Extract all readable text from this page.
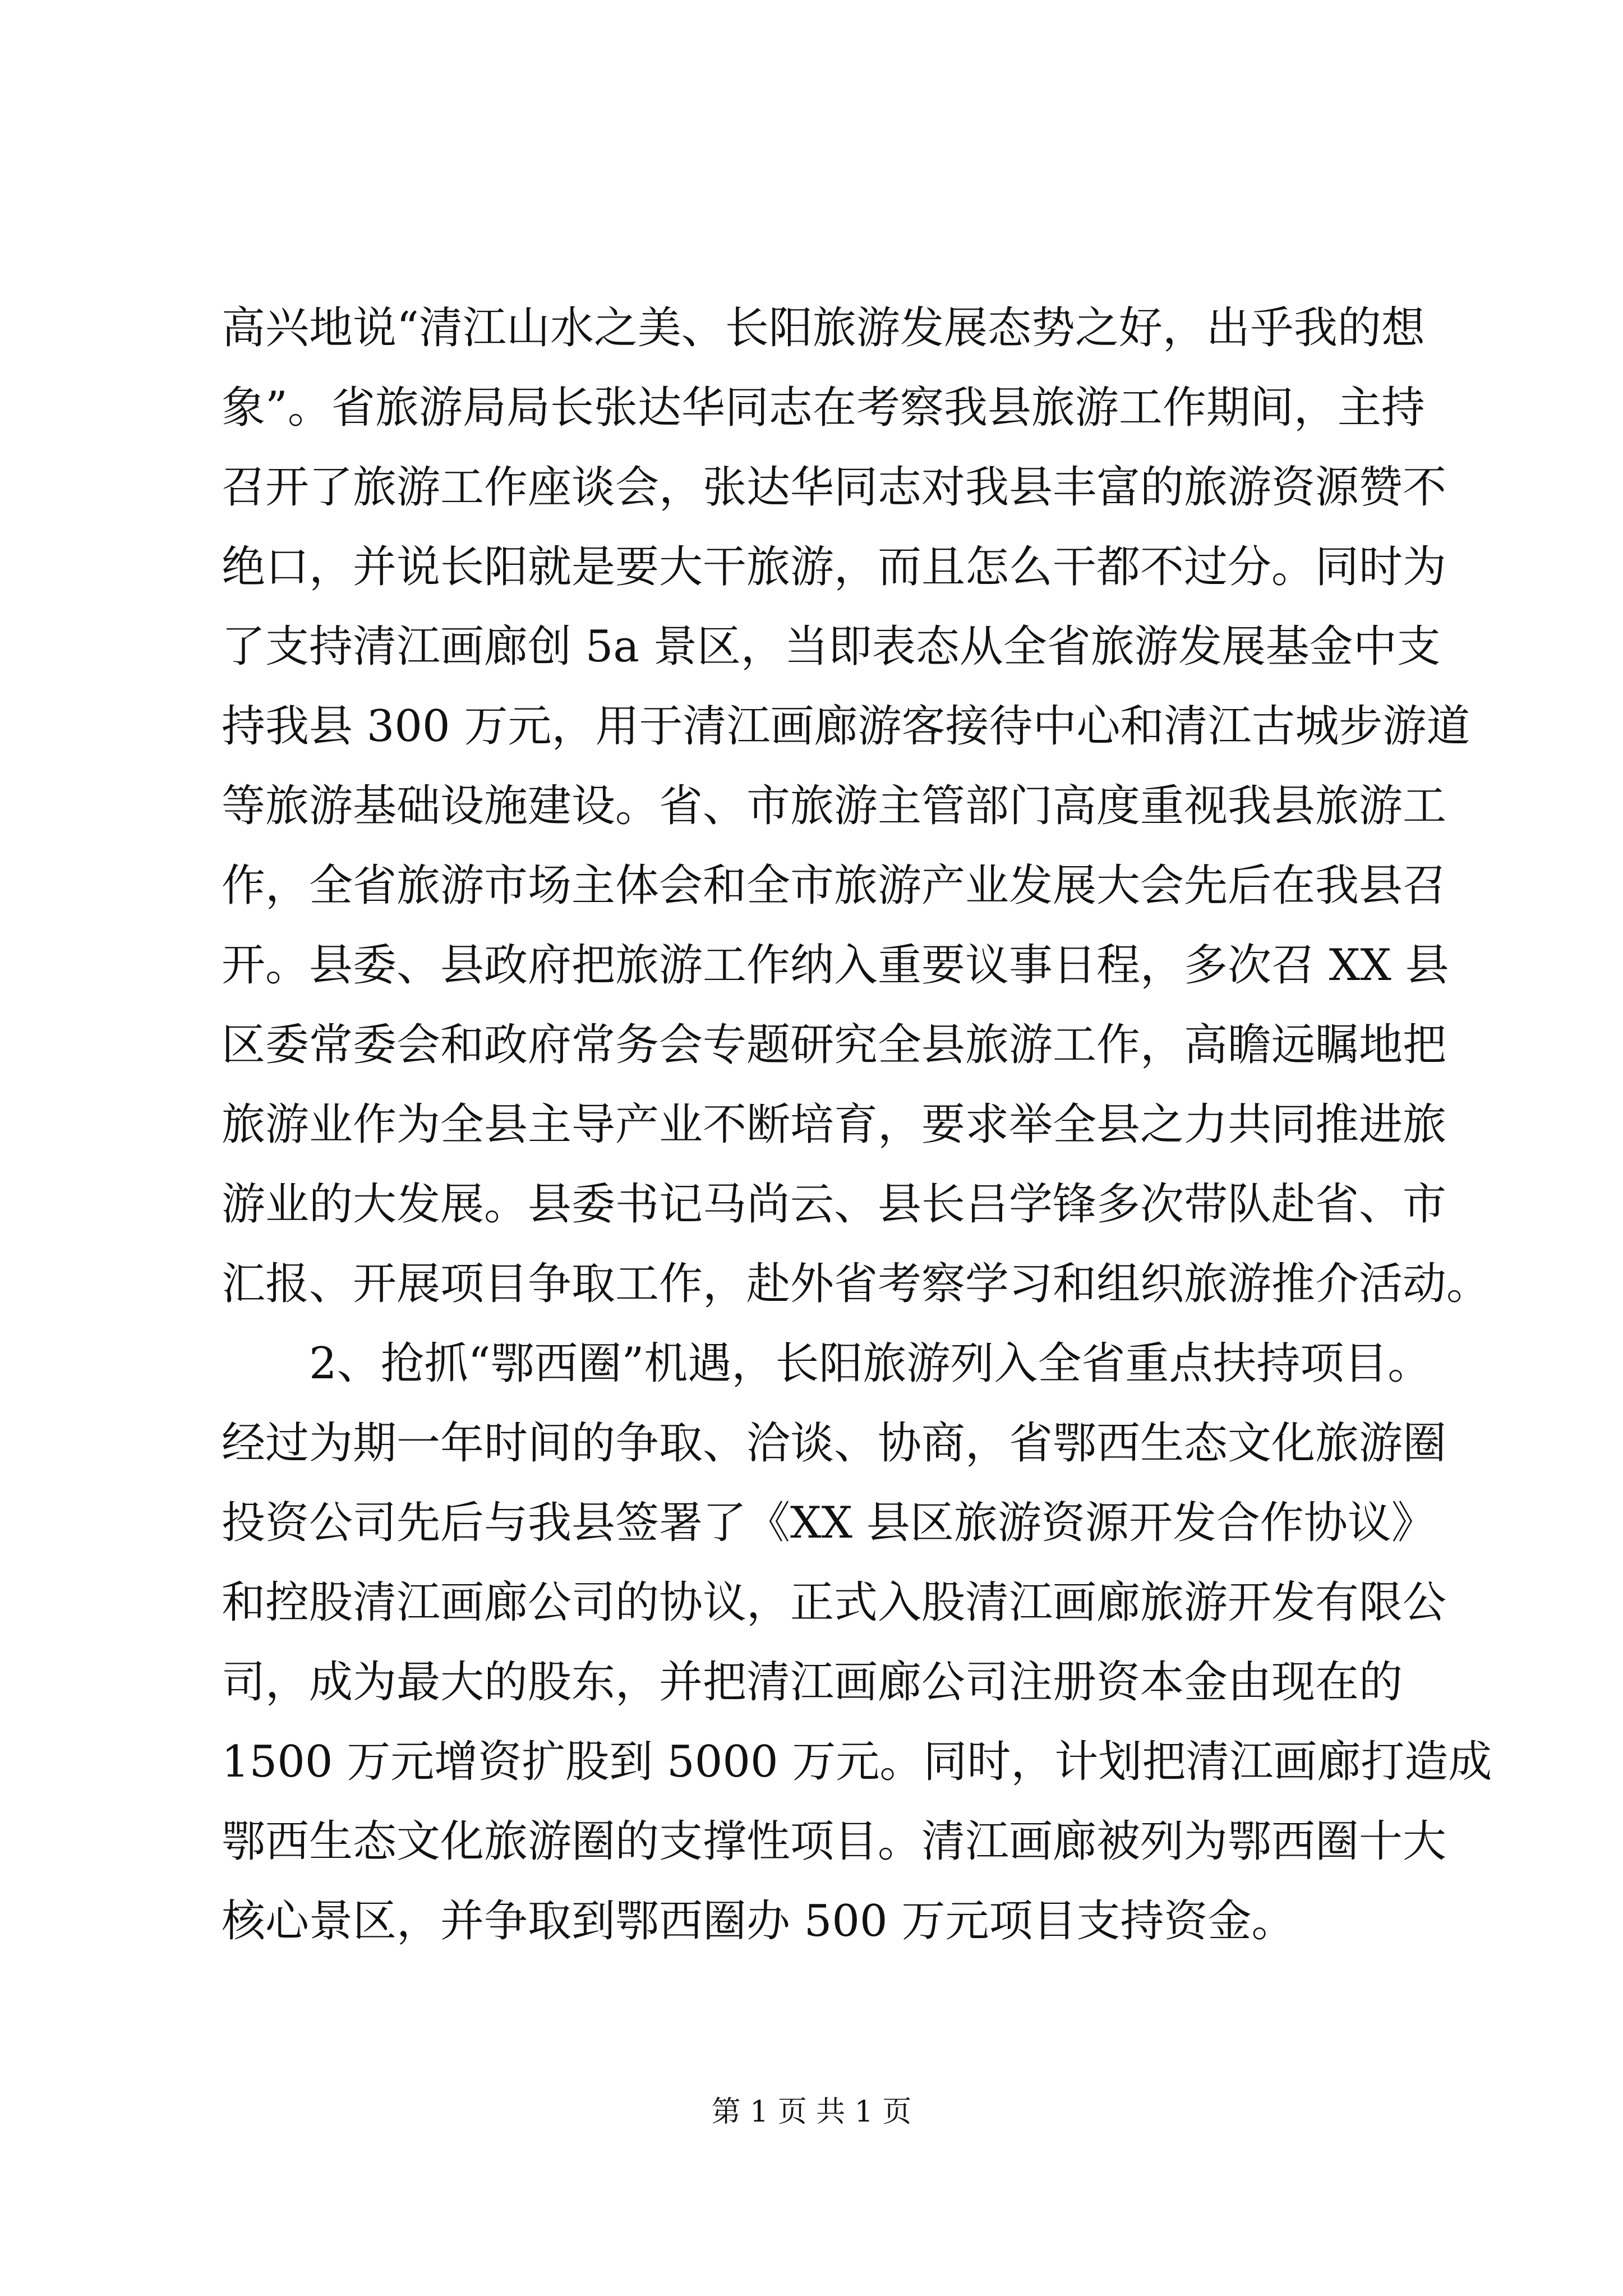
高兴地说“清江山水之美、长阳旅游发展态势之好，出乎我的想
象”。省旅游局局长张达华同志在考察我县旅游工作期间，主持
召开了旅游工作座谈会，张达华同志对我县丰富的旅游资源赞不
绝口，并说长阳就是要大干旅游，而且怎么干都不过分。同时为
了支持清江画廊创 5a 景区，当即表态从全省旅游发展基金中支
持我县 300 万元，用于清江画廊游客接待中心和清江古城步游道
等旅游基础设施建设。省、市旅游主管部门高度重视我县旅游工
作，全省旅游市场主体会和全市旅游产业发展大会先后在我县召
开。县委、县政府把旅游工作纳入重要议事日程，多次召 XX 县
区委常委会和政府常务会专题研究全县旅游工作，高瞻远瞩地把
旅游业作为全县主导产业不断培育，要求举全县之力共同推进旅
游业的大发展。县委书记马尚云、县长吕学锋多次带队赴省、市
汇报、开展项目争取工作，赴外省考察学习和组织旅游推介活动。
2、抢抓“鄂西圈”机遇，长阳旅游列入全省重点扶持项目。
经过为期一年时间的争取、洽谈、协商，省鄂西生态文化旅游圈
投资公司先后与我县签署了《XX 县区旅游资源开发合作协议》
和控股清江画廊公司的协议，正式入股清江画廊旅游开发有限公
司，成为最大的股东，并把清江画廊公司注册资本金由现在的
1500 万元增资扩股到 5000 万元。同时，计划把清江画廊打造成
鄂西生态文化旅游圈的支撑性项目。清江画廊被列为鄂西圈十大
核心景区，并争取到鄂西圈办 500 万元项目支持资金。
第 1 页 共 1 页
